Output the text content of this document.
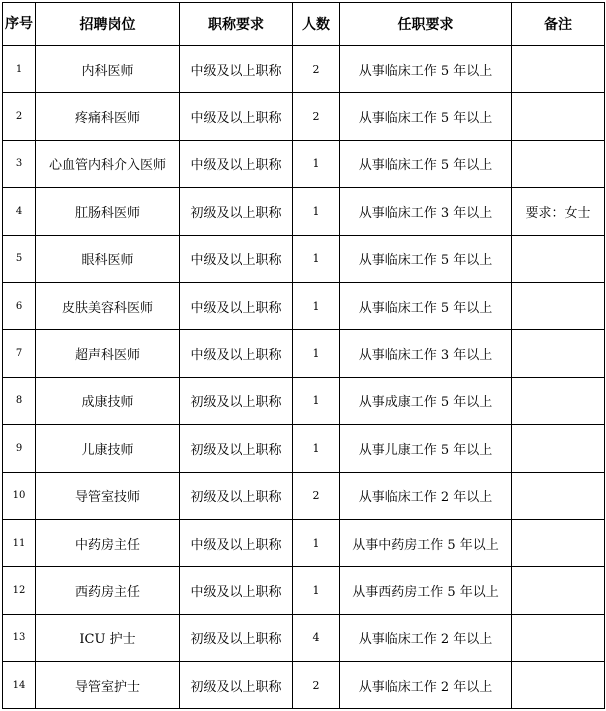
序号	招聘岗位	职称要求	人数	任职要求	备注
1	内科医师	中级及以上职称	2	从事临床工作 5 年以上	
2	疼痛科医师	中级及以上职称	2	从事临床工作 5 年以上	
3	心血管内科介入医师	中级及以上职称	1	从事临床工作 5 年以上	
4	肛肠科医师	初级及以上职称	1	从事临床工作 3 年以上	要求：女士
5	眼科医师	中级及以上职称	1	从事临床工作 5 年以上	
6	皮肤美容科医师	中级及以上职称	1	从事临床工作 5 年以上	
7	超声科医师	中级及以上职称	1	从事临床工作 3 年以上	
8	成康技师	初级及以上职称	1	从事成康工作 5 年以上	
9	儿康技师	初级及以上职称	1	从事儿康工作 5 年以上	
10	导管室技师	初级及以上职称	2	从事临床工作 2 年以上	
11	中药房主任	中级及以上职称	1	从事中药房工作 5 年以上	
12	西药房主任	中级及以上职称	1	从事西药房工作 5 年以上	
13	ICU 护士	初级及以上职称	4	从事临床工作 2 年以上	
14	导管室护士	初级及以上职称	2	从事临床工作 2 年以上	
